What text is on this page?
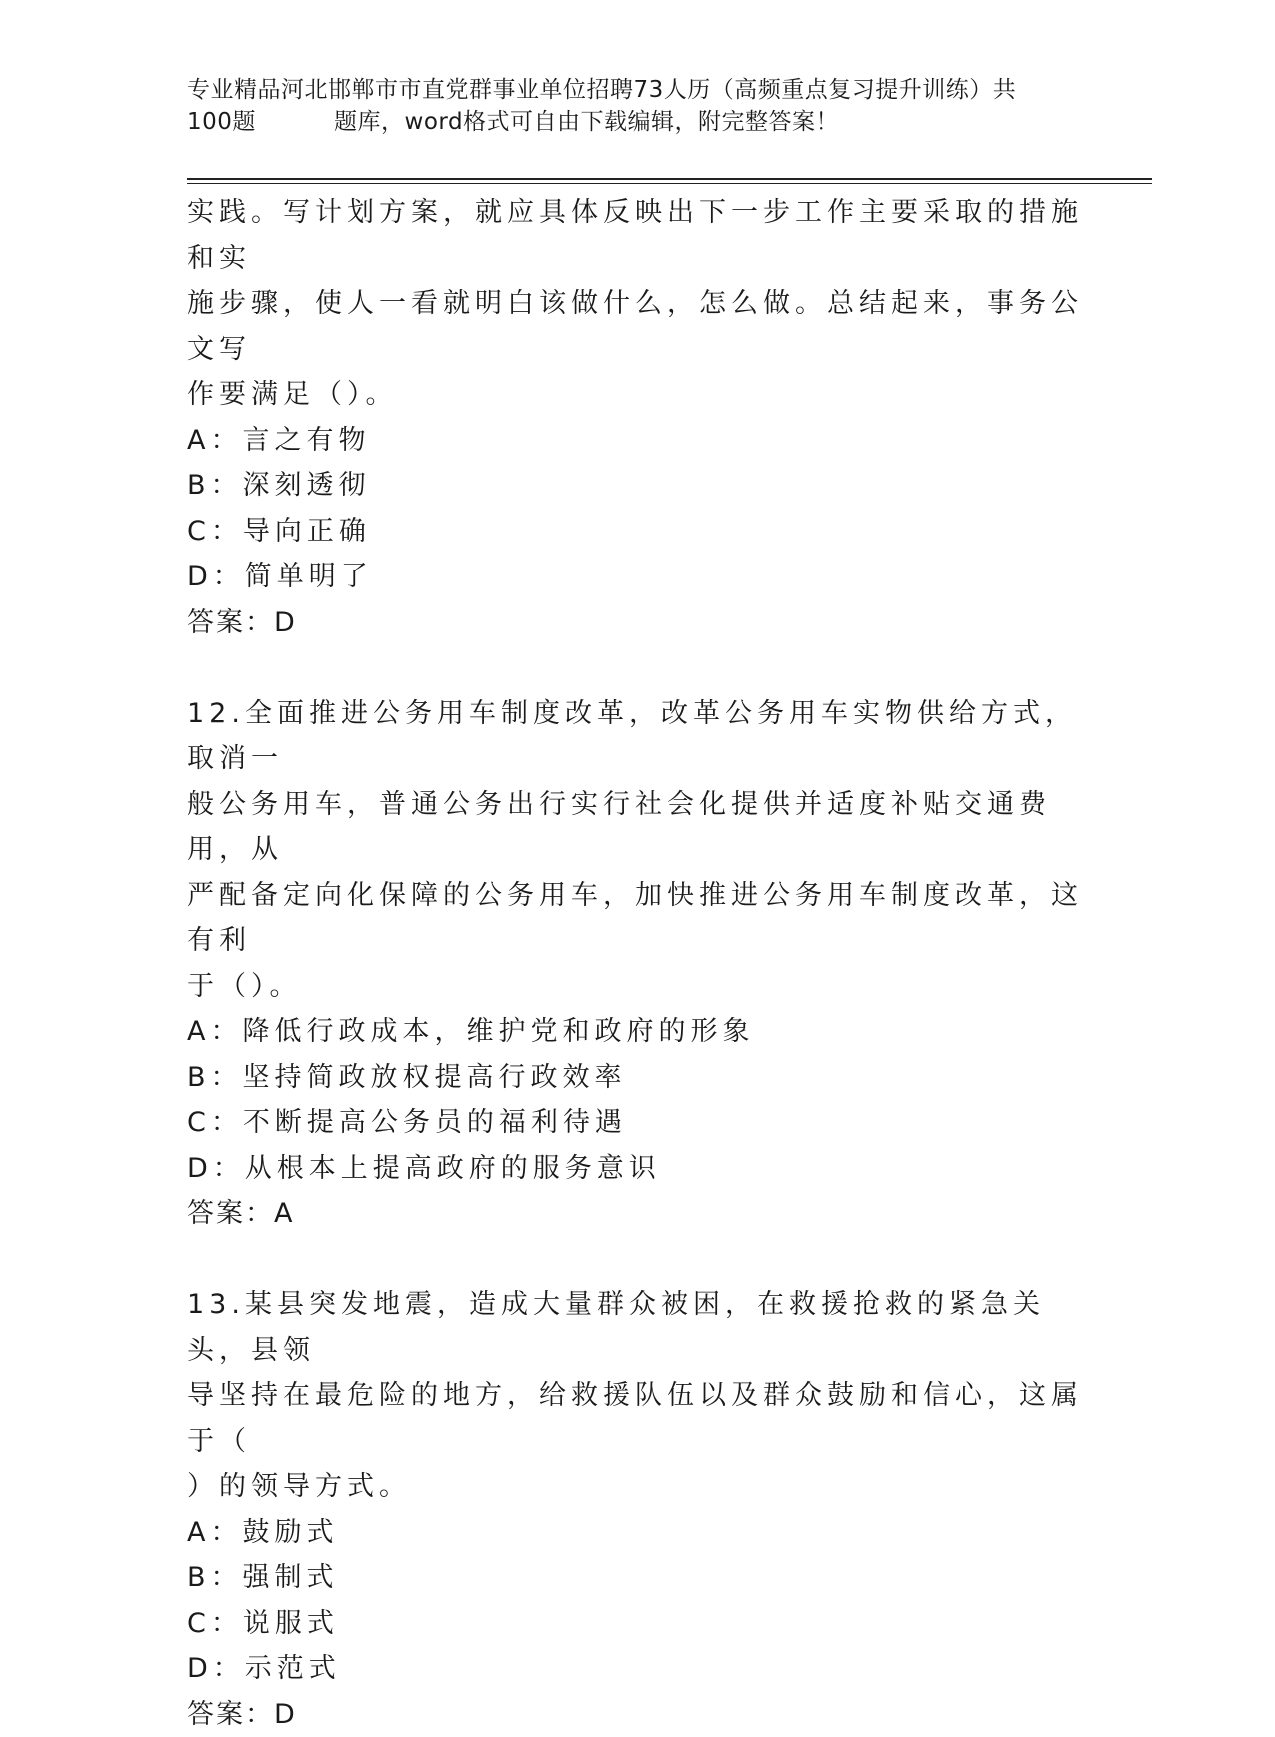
专业精品河北邯郸市市直党群事业单位招聘73人历（高频重点复习提升训练）共
100题          题库，word格式可自由下载编辑，附完整答案！

实践。写计划方案，就应具体反映出下一步工作主要采取的措施和实

施步骤，使人一看就明白该做什么，怎么做。总结起来，事务公文写

作要满足（）。

A：言之有物

B：深刻透彻

C：导向正确

D：简单明了

答案：D

12.全面推进公务用车制度改革，改革公务用车实物供给方式，取消一

般公务用车，普通公务出行实行社会化提供并适度补贴交通费用，从

严配备定向化保障的公务用车，加快推进公务用车制度改革，这有利

于（）。

A：降低行政成本，维护党和政府的形象

B：坚持简政放权提高行政效率

C：不断提高公务员的福利待遇

D：从根本上提高政府的服务意识

答案：A

13.某县突发地震，造成大量群众被困，在救援抢救的紧急关头，县领

导坚持在最危险的地方，给救援队伍以及群众鼓励和信心，这属于（

）的领导方式。

A：鼓励式

B：强制式

C：说服式

D：示范式

答案：D
